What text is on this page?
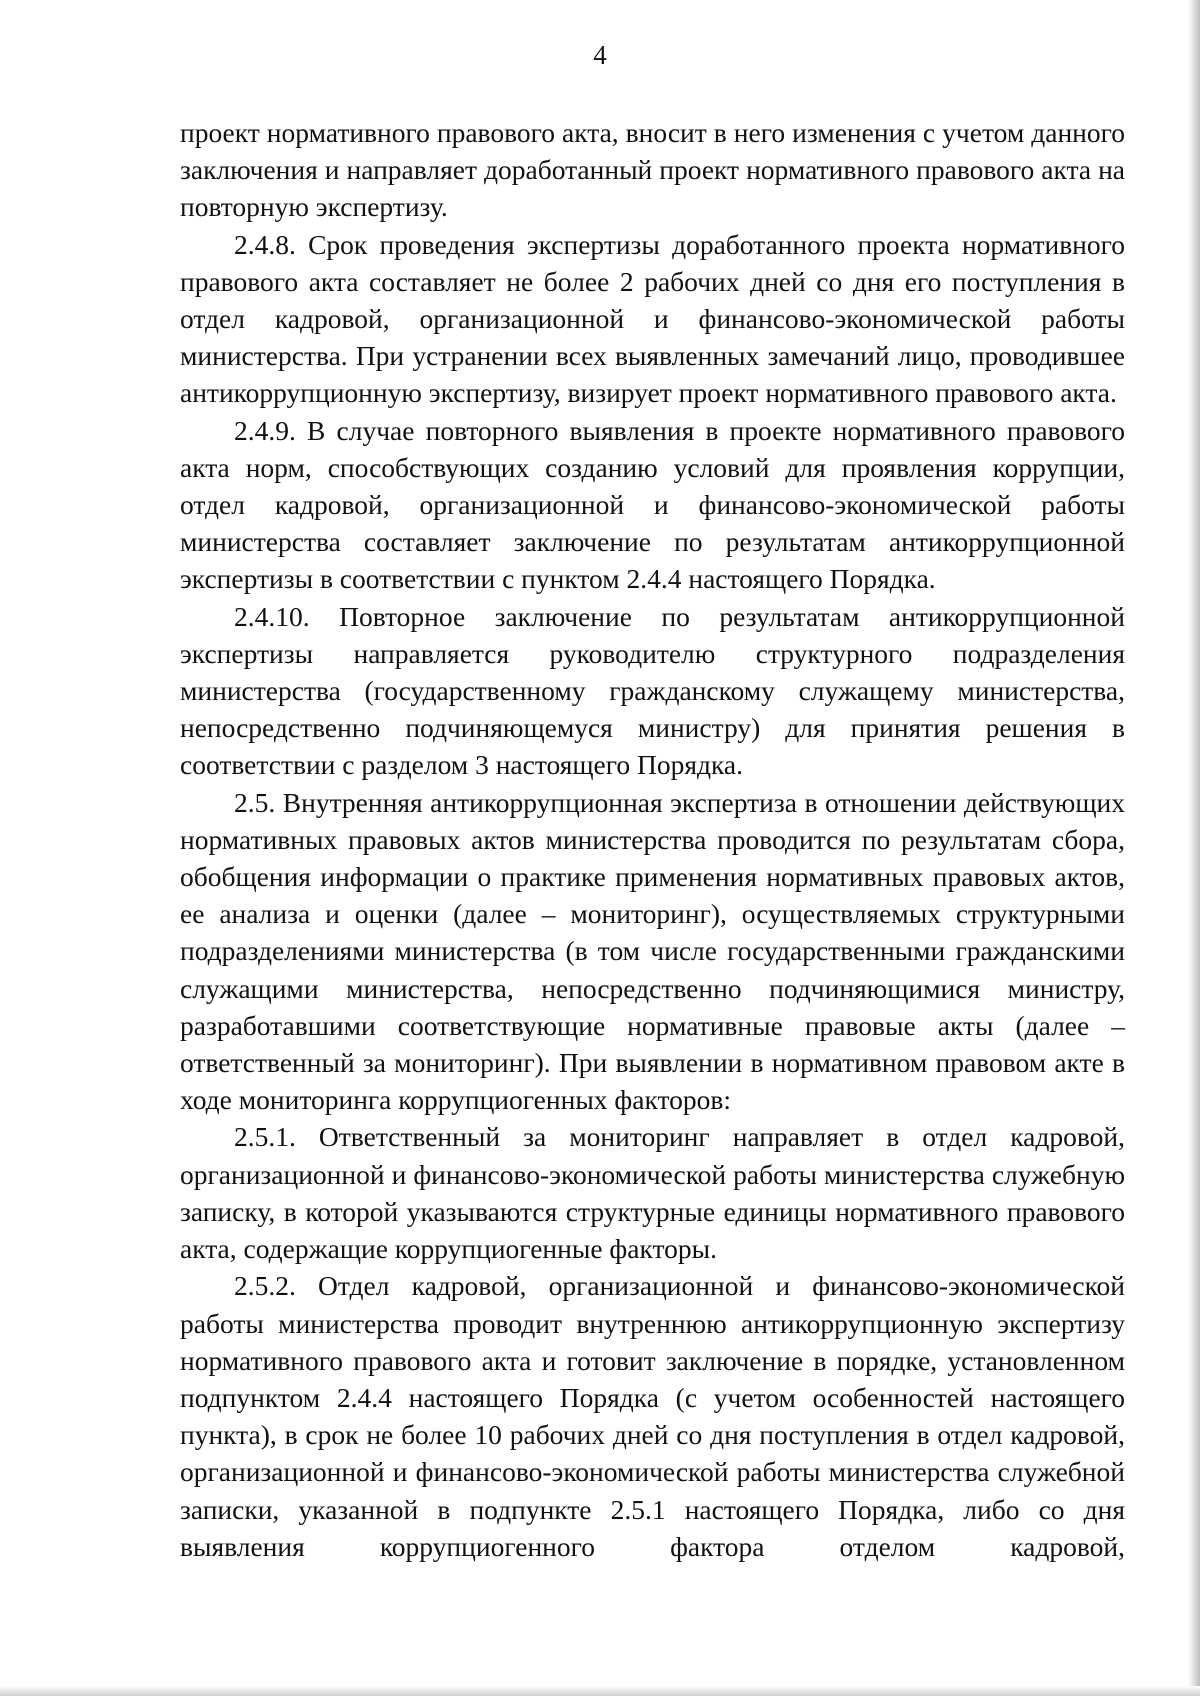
4

проект нормативного правового акта, вносит в него изменения с учетом данного заключения и направляет доработанный проект нормативного правового акта на повторную экспертизу.

2.4.8. Срок проведения экспертизы доработанного проекта нормативного правового акта составляет не более 2 рабочих дней со дня его поступления в отдел кадровой, организационной и финансово-экономической работы министерства. При устранении всех выявленных замечаний лицо, проводившее антикоррупционную экспертизу, визирует проект нормативного правового акта.

2.4.9. В случае повторного выявления в проекте нормативного правового акта норм, способствующих созданию условий для проявления коррупции, отдел кадровой, организационной и финансово-экономической работы министерства составляет заключение по результатам антикоррупционной экспертизы в соответствии с пунктом 2.4.4 настоящего Порядка.

2.4.10. Повторное заключение по результатам антикоррупционной экспертизы направляется руководителю структурного подразделения министерства (государственному гражданскому служащему министерства, непосредственно подчиняющемуся министру) для принятия решения в соответствии с разделом 3 настоящего Порядка.

2.5. Внутренняя антикоррупционная экспертиза в отношении действующих нормативных правовых актов министерства проводится по результатам сбора, обобщения информации о практике применения нормативных правовых актов, ее анализа и оценки (далее – мониторинг), осуществляемых структурными подразделениями министерства (в том числе государственными гражданскими служащими министерства, непосредственно подчиняющимися министру, разработавшими соответствующие нормативные правовые акты (далее – ответственный за мониторинг). При выявлении в нормативном правовом акте в ходе мониторинга коррупциогенных факторов:

2.5.1. Ответственный за мониторинг направляет в отдел кадровой, организационной и финансово-экономической работы министерства служебную записку, в которой указываются структурные единицы нормативного правового акта, содержащие коррупциогенные факторы.

2.5.2. Отдел кадровой, организационной и финансово-экономической работы министерства проводит внутреннюю антикоррупционную экспертизу нормативного правового акта и готовит заключение в порядке, установленном подпунктом 2.4.4 настоящего Порядка (с учетом особенностей настоящего пункта), в срок не более 10 рабочих дней со дня поступления в отдел кадровой, организационной и финансово-экономической работы министерства служебной записки, указанной в подпункте 2.5.1 настоящего Порядка, либо со дня выявления коррупциогенного фактора отделом кадровой,
